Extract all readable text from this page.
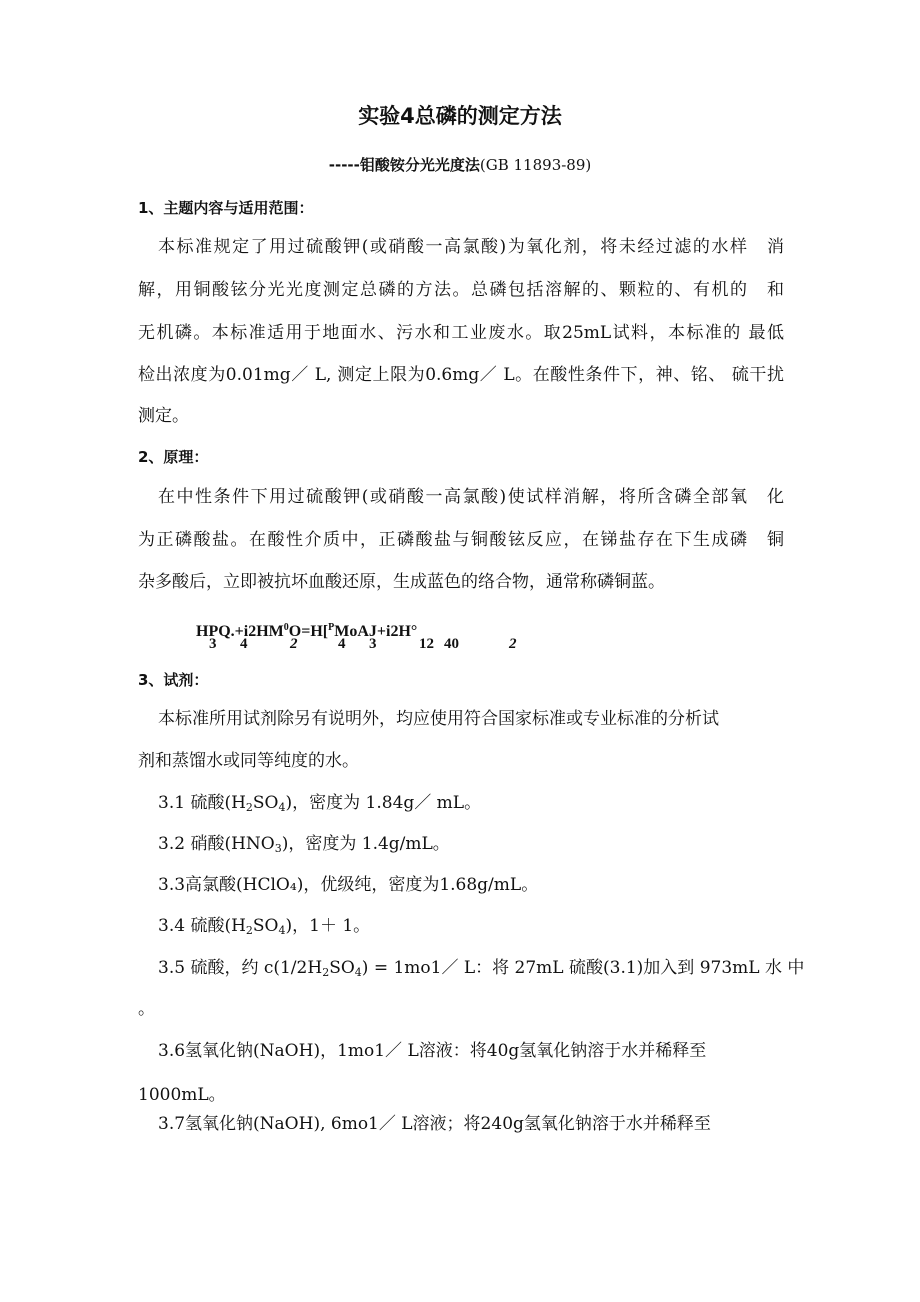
实验4总磷的测定方法
-----钼酸铵分光光度法(GB 11893-89)
1、主题内容与适用范围：
本标准规定了用过硫酸钾(或硝酸一高氯酸)为氧化剂，将未经过滤的水样　消
解，用铜酸铉分光光度测定总磷的方法。总磷包括溶解的、颗粒的、有机的　和
无机磷。本标准适用于地面水、污水和工业废水。取25mL试料，本标准的 最低
检出浓度为0.01mg／ L, 测定上限为0.6mg／ L。在酸性条件下，神、铭、 硫干扰
测定。
2、原理：
在中性条件下用过硫酸钾(或硝酸一高氯酸)使试样消解，将所含磷全部氧　化
为正磷酸盐。在酸性介质中，正磷酸盐与铜酸铉反应，在锑盐存在下生成磷　铜
杂多酸后，立即被抗坏血酸还原，生成蓝色的络合物，通常称磷铜蓝。
$HPQ.+i2HM^0O=H[^PMoAJ+i2H^\circ$
3 4	2	4 3	12 40	2
3、试剂：
本标准所用试剂除另有说明外，均应使用符合国家标准或专业标准的分析试
剂和蒸馏水或同等纯度的水。
3.1 硫酸$(H_2SO_4)$，密度为 1.84g／ mL。
3.2 硝酸$(HNO_3)$，密度为 1.4g/mL。
3.3高氯酸(HClO₄)，优级纯，密度为1.68g/mL。
3.4 硫酸$(H_2SO_4)$，1＋ 1。
3.5 硫酸，约 $c(1/2H_2SO_4)$ = 1mo1／ L：将 27mL 硫酸(3.1)加入到 973mL 水 中
。
3.6氢氧化钠(NaOH)，1mo1／ L溶液：将40g氢氧化钠溶于水并稀释至
1000mL。
3.7氢氧化钠(NaOH), 6mo1／ L溶液；将240g氢氧化钠溶于水并稀释至
